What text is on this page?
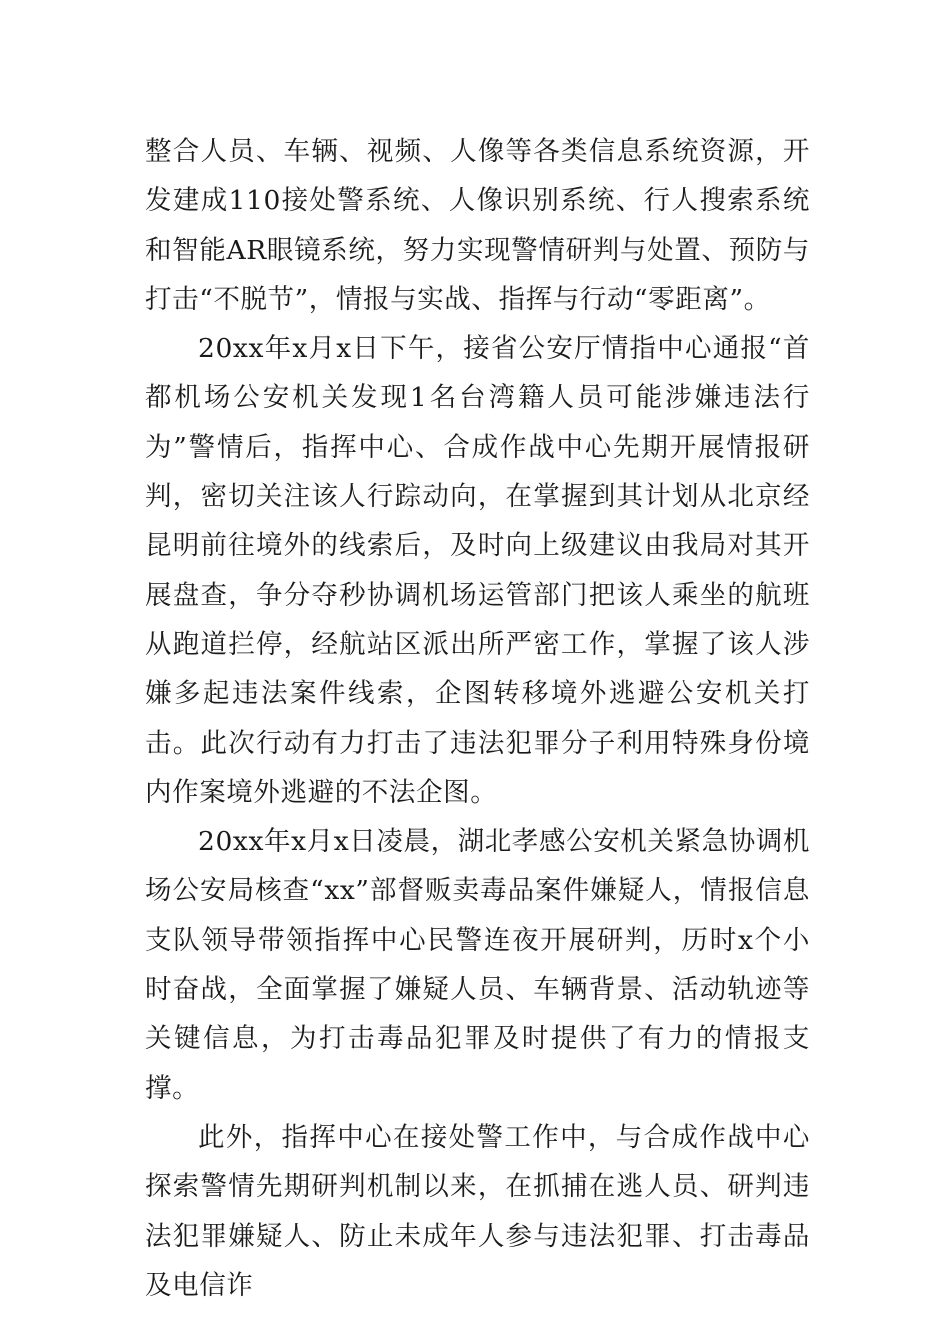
整合人员、车辆、视频、人像等各类信息系统资源，开发建成110接处警系统、人像识别系统、行人搜索系统和智能AR眼镜系统，努力实现警情研判与处置、预防与打击“不脱节”，情报与实战、指挥与行动“零距离”。

20xx年x月x日下午，接省公安厅情指中心通报“首都机场公安机关发现1名台湾籍人员可能涉嫌违法行为”警情后，指挥中心、合成作战中心先期开展情报研判，密切关注该人行踪动向，在掌握到其计划从北京经昆明前往境外的线索后，及时向上级建议由我局对其开展盘查，争分夺秒协调机场运管部门把该人乘坐的航班从跑道拦停，经航站区派出所严密工作，掌握了该人涉嫌多起违法案件线索，企图转移境外逃避公安机关打击。此次行动有力打击了违法犯罪分子利用特殊身份境内作案境外逃避的不法企图。

20xx年x月x日凌晨，湖北孝感公安机关紧急协调机场公安局核查“xx”部督贩卖毒品案件嫌疑人，情报信息支队领导带领指挥中心民警连夜开展研判，历时x个小时奋战，全面掌握了嫌疑人员、车辆背景、活动轨迹等关键信息，为打击毒品犯罪及时提供了有力的情报支撑。

此外，指挥中心在接处警工作中，与合成作战中心探索警情先期研判机制以来，在抓捕在逃人员、研判违法犯罪嫌疑人、防止未成年人参与违法犯罪、打击毒品及电信诈
